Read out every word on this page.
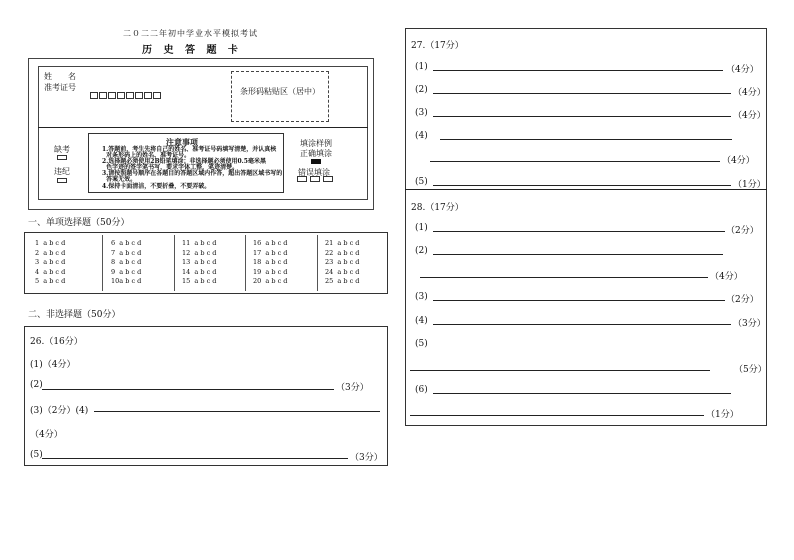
二０二二年初中学业水平模拟考试
历 史 答 题 卡
姓　　名
准考证号	条形码粘贴区（居中）
缺考
违纪
注意事项
1.答题前，考生先将自己的姓名、准考证号码填写清楚，并认真核
对条形码上的姓名、准考证号。
2.选择题必须使用2B铅笔填涂；非选择题必须使用0.5毫米黑
色字迹的签字笔书写，要求字体工整，笔迹清楚。
3.请按照题号顺序在各题目的答题区域内作答，超出答题区域书写的
答案无效。
4.保持卡面清洁，不要折叠，不要弄破。
填涂样例
正确填涂
错误填涂
一、单项选择题（50分）
1  a b c d
2  a b c d
3  a b c d
4  a b c d
5  a b c d
6  a b c d
7  a b c d
8  a b c d
9  a b c d
10a b c d
11  a b c d
12  a b c d
13  a b c d
14  a b c d
15  a b c d
16  a b c d
17  a b c d
18  a b c d
19  a b c d
20  a b c d
21  a b c d
22  a b c d
23  a b c d
24  a b c d
25  a b c d
二、非选择题（50分）
26.（16分）
(1)（4分）
(2)	（3分）
(3)（2分）(4)
（4分）
(5)	（3分）
27.（17分）
(1)	（4分）
(2)	（4分）
(3)	（4分）
(4)
（4分）
(5)	（1分）
28.（17分）
(1)	（2分）
(2)
（4分）
(3)	（2分）
(4)	（3分）
(5)
（5分）
(6)
（1分）
